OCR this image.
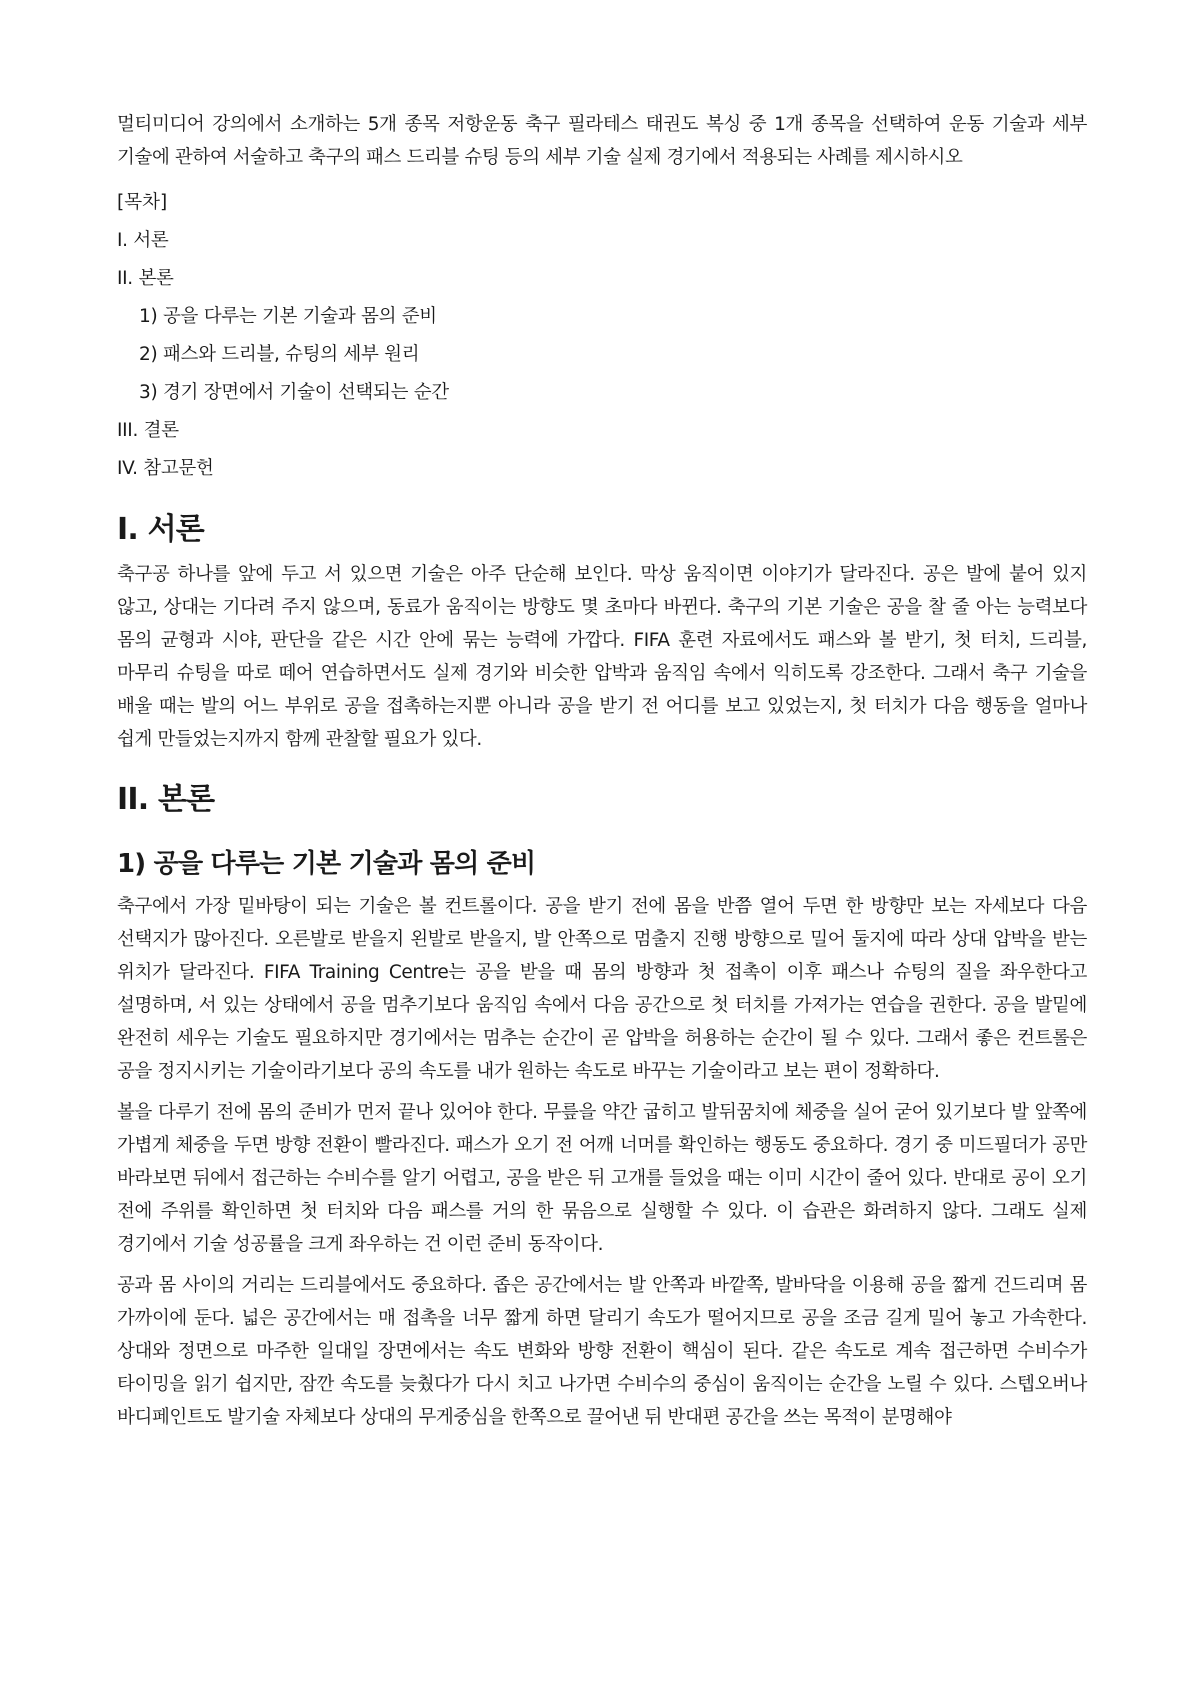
멀티미디어 강의에서 소개하는 5개 종목 저항운동 축구 필라테스 태권도 복싱 중 1개 종목을 선택하여 운동 기술과 세부 기술에 관하여 서술하고 축구의 패스 드리블 슈팅 등의 세부 기술 실제 경기에서 적용되는 사례를 제시하시오

[목차]
I. 서론
II. 본론
1) 공을 다루는 기본 기술과 몸의 준비
2) 패스와 드리블, 슈팅의 세부 원리
3) 경기 장면에서 기술이 선택되는 순간
III. 결론
IV. 참고문헌
I. 서론

축구공 하나를 앞에 두고 서 있으면 기술은 아주 단순해 보인다. 막상 움직이면 이야기가 달라진다. 공은 발에 붙어 있지 않고, 상대는 기다려 주지 않으며, 동료가 움직이는 방향도 몇 초마다 바뀐다. 축구의 기본 기술은 공을 찰 줄 아는 능력보다 몸의 균형과 시야, 판단을 같은 시간 안에 묶는 능력에 가깝다. FIFA 훈련 자료에서도 패스와 볼 받기, 첫 터치, 드리블, 마무리 슈팅을 따로 떼어 연습하면서도 실제 경기와 비슷한 압박과 움직임 속에서 익히도록 강조한다. 그래서 축구 기술을 배울 때는 발의 어느 부위로 공을 접촉하는지뿐 아니라 공을 받기 전 어디를 보고 있었는지, 첫 터치가 다음 행동을 얼마나 쉽게 만들었는지까지 함께 관찰할 필요가 있다.

II. 본론
1) 공을 다루는 기본 기술과 몸의 준비

축구에서 가장 밑바탕이 되는 기술은 볼 컨트롤이다. 공을 받기 전에 몸을 반쯤 열어 두면 한 방향만 보는 자세보다 다음 선택지가 많아진다. 오른발로 받을지 왼발로 받을지, 발 안쪽으로 멈출지 진행 방향으로 밀어 둘지에 따라 상대 압박을 받는 위치가 달라진다. FIFA Training Centre는 공을 받을 때 몸의 방향과 첫 접촉이 이후 패스나 슈팅의 질을 좌우한다고 설명하며, 서 있는 상태에서 공을 멈추기보다 움직임 속에서 다음 공간으로 첫 터치를 가져가는 연습을 권한다. 공을 발밑에 완전히 세우는 기술도 필요하지만 경기에서는 멈추는 순간이 곧 압박을 허용하는 순간이 될 수 있다. 그래서 좋은 컨트롤은 공을 정지시키는 기술이라기보다 공의 속도를 내가 원하는 속도로 바꾸는 기술이라고 보는 편이 정확하다.

볼을 다루기 전에 몸의 준비가 먼저 끝나 있어야 한다. 무릎을 약간 굽히고 발뒤꿈치에 체중을 실어 굳어 있기보다 발 앞쪽에 가볍게 체중을 두면 방향 전환이 빨라진다. 패스가 오기 전 어깨 너머를 확인하는 행동도 중요하다. 경기 중 미드필더가 공만 바라보면 뒤에서 접근하는 수비수를 알기 어렵고, 공을 받은 뒤 고개를 들었을 때는 이미 시간이 줄어 있다. 반대로 공이 오기 전에 주위를 확인하면 첫 터치와 다음 패스를 거의 한 묶음으로 실행할 수 있다. 이 습관은 화려하지 않다. 그래도 실제 경기에서 기술 성공률을 크게 좌우하는 건 이런 준비 동작이다.

공과 몸 사이의 거리는 드리블에서도 중요하다. 좁은 공간에서는 발 안쪽과 바깥쪽, 발바닥을 이용해 공을 짧게 건드리며 몸 가까이에 둔다. 넓은 공간에서는 매 접촉을 너무 짧게 하면 달리기 속도가 떨어지므로 공을 조금 길게 밀어 놓고 가속한다. 상대와 정면으로 마주한 일대일 장면에서는 속도 변화와 방향 전환이 핵심이 된다. 같은 속도로 계속 접근하면 수비수가 타이밍을 읽기 쉽지만, 잠깐 속도를 늦췄다가 다시 치고 나가면 수비수의 중심이 움직이는 순간을 노릴 수 있다. 스텝오버나 바디페인트도 발기술 자체보다 상대의 무게중심을 한쪽으로 끌어낸 뒤 반대편 공간을 쓰는 목적이 분명해야
